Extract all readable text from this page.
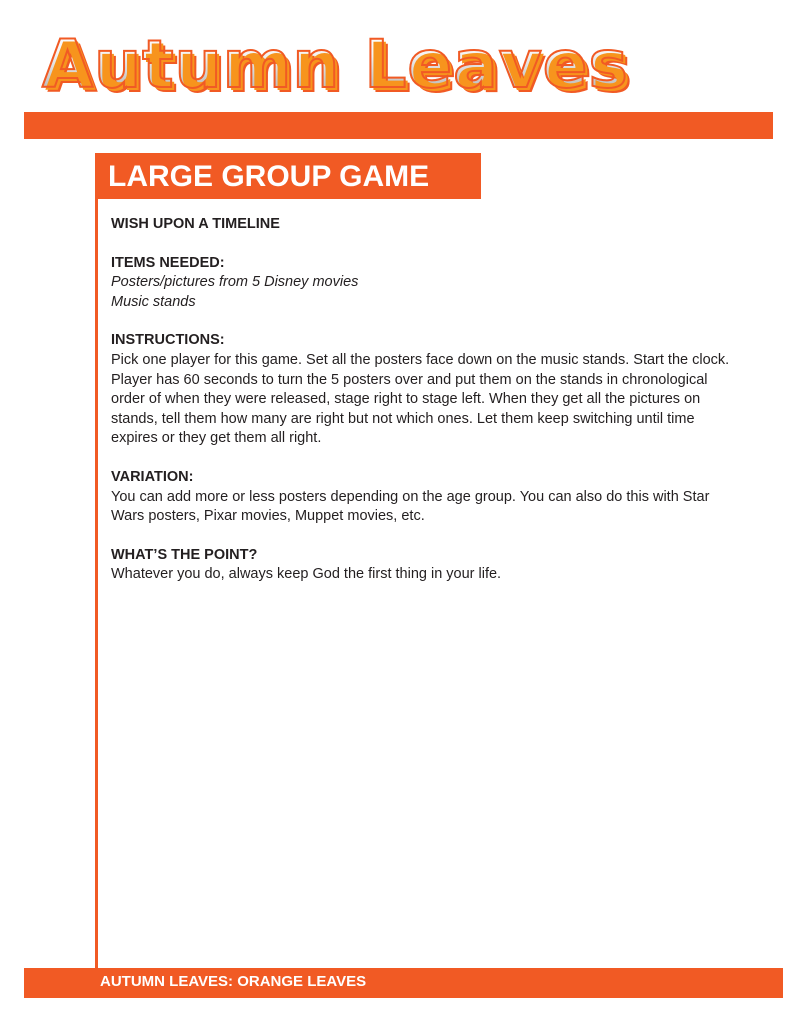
Autumn Leaves
LARGE GROUP GAME

WISH UPON A TIMELINE

ITEMS NEEDED:

Posters/pictures from 5 Disney movies

Music stands

INSTRUCTIONS:

Pick one player for this game. Set all the posters face down on the music stands. Start the clock. Player has 60 seconds to turn the 5 posters over and put them on the stands in chronological order of when they were released, stage right to stage left. When they get all the pictures on stands, tell them how many are right but not which ones. Let them keep switching until time expires or they get them all right.

VARIATION:

You can add more or less posters depending on the age group. You can also do this with Star Wars posters, Pixar movies, Muppet movies, etc.

WHAT’S THE POINT?

Whatever you do, always keep God the first thing in your life.

AUTUMN LEAVES: ORANGE LEAVES
